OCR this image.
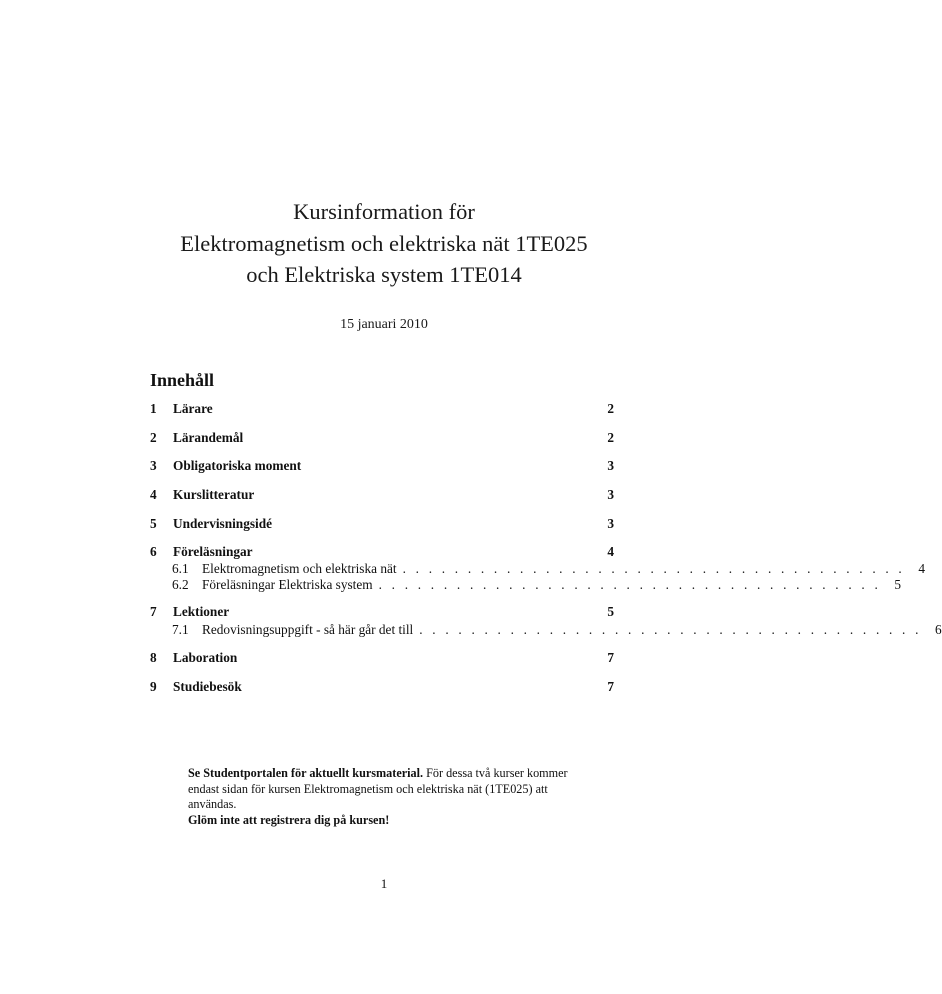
Kursinformation för
Elektromagnetism och elektriska nät 1TE025
och Elektriska system 1TE014
15 januari 2010
Innehåll
1	Lärare	2
2	Lärandemål	2
3	Obligatoriska moment	3
4	Kurslitteratur	3
5	Undervisningsidé	3
6	Föreläsningar	4
6.1	Elektromagnetism och elektriska nät . . . . . . . . . . . . . . . . . . . . . . . . . . . . . . . . . . . . . . .	4
6.2	Föreläsningar Elektriska system . . . . . . . . . . . . . . . . . . . . . . . . . . . . . . . . . . . . . . .	5
7	Lektioner	5
7.1	Redovisningsuppgift - så här går det till . . . . . . . . . . . . . . . . . . . . . . . . . . . . . . . . . . . . . . .	6
8	Laboration	7
9	Studiebesök	7
Se Studentportalen för aktuellt kursmaterial. För dessa två kurser kommer endast sidan för kursen Elektromagnetism och elektriska nät (1TE025) att användas.
Glöm inte att registrera dig på kursen!
1
